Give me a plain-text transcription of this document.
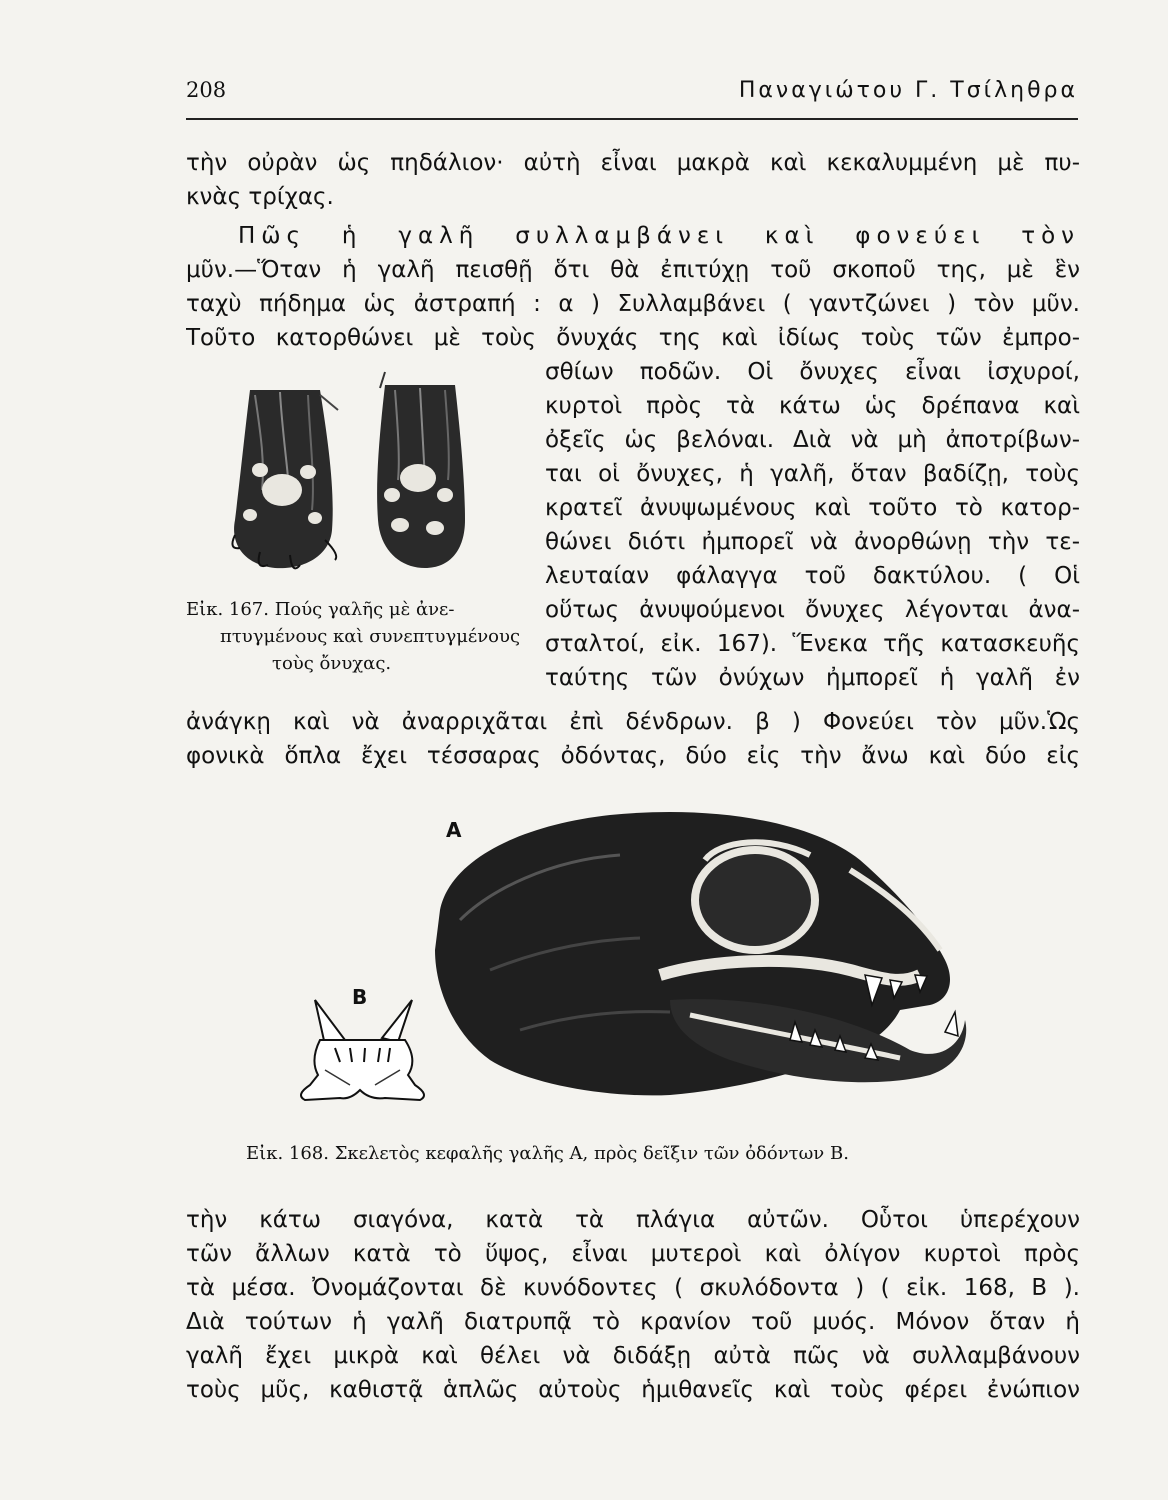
208	Παναγιώτου Γ. Τσίληθρα
τὴν οὐρὰν ὡς πηδάλιον· αὐτὴ εἶναι μακρὰ καὶ κεκαλυμμένη μὲ πυ-
κνὰς τρίχας.
Πῶς ἡ γαλῆ συλλαμβάνει καὶ φονεύει τὸν
μῦν.—Ὅταν ἡ γαλῆ πεισθῇ ὅτι θὰ ἐπιτύχῃ τοῦ σκοποῦ της, μὲ ἓν
ταχὺ πήδημα ὡς ἀστραπή : α ) Συλλαμβάνει ( γαντζώνει ) τὸν μῦν.
Τοῦτο κατορθώνει μὲ τοὺς ὄνυχάς της καὶ ἰδίως τοὺς τῶν ἐμπρο-
σθίων ποδῶν. Οἱ ὄνυχες εἶναι ἰσχυροί,
κυρτοὶ πρὸς τὰ κάτω ὡς δρέπανα καὶ
ὀξεῖς ὡς βελόναι. Διὰ νὰ μὴ ἀποτρίβων-
ται οἱ ὄνυχες, ἡ γαλῆ, ὅταν βαδίζῃ, τοὺς
κρατεῖ ἀνυψωμένους καὶ τοῦτο τὸ κατορ-
θώνει διότι ἠμπορεῖ νὰ ἀνορθώνῃ τὴν τε-
λευταίαν φάλαγγα τοῦ δακτύλου. ( Οἱ
οὕτως ἀνυψούμενοι ὄνυχες λέγονται ἀνα-
σταλτοί, εἰκ. 167). Ἕνεκα τῆς κατασκευῆς
ταύτης τῶν ὀνύχων ἠμπορεῖ ἡ γαλῆ ἐν
Εἰκ. 167. Πούς γαλῆς μὲ ἀνε-
πτυγμένους καὶ συνεπτυγμένους
τοὺς ὄνυχας.
ἀνάγκῃ καὶ νὰ ἀναρριχᾶται ἐπὶ δένδρων. β ) Φονεύει τὸν μῦν.Ὡς
φονικὰ ὅπλα ἔχει τέσσαρας ὀδόντας, δύο εἰς τὴν ἄνω καὶ δύο εἰς
Α
Β
Εἰκ. 168. Σκελετὸς κεφαλῆς γαλῆς Α, πρὸς δεῖξιν τῶν ὀδόντων Β.
τὴν κάτω σιαγόνα, κατὰ τὰ πλάγια αὐτῶν. Οὗτοι ὑπερέχουν
τῶν ἄλλων κατὰ τὸ ὕψος, εἶναι μυτεροὶ καὶ ὀλίγον κυρτοὶ πρὸς
τὰ μέσα. Ὀνομάζονται δὲ κυνόδοντες ( σκυλόδοντα ) ( εἰκ. 168, Β ).
Διὰ τούτων ἡ γαλῆ διατρυπᾷ τὸ κρανίον τοῦ μυός. Μόνον ὅταν ἡ
γαλῆ ἔχει μικρὰ καὶ θέλει νὰ διδάξῃ αὐτὰ πῶς νὰ συλλαμβάνουν
τοὺς μῦς, καθιστᾷ ἁπλῶς αὐτοὺς ἡμιθανεῖς καὶ τοὺς φέρει ἐνώπιον
